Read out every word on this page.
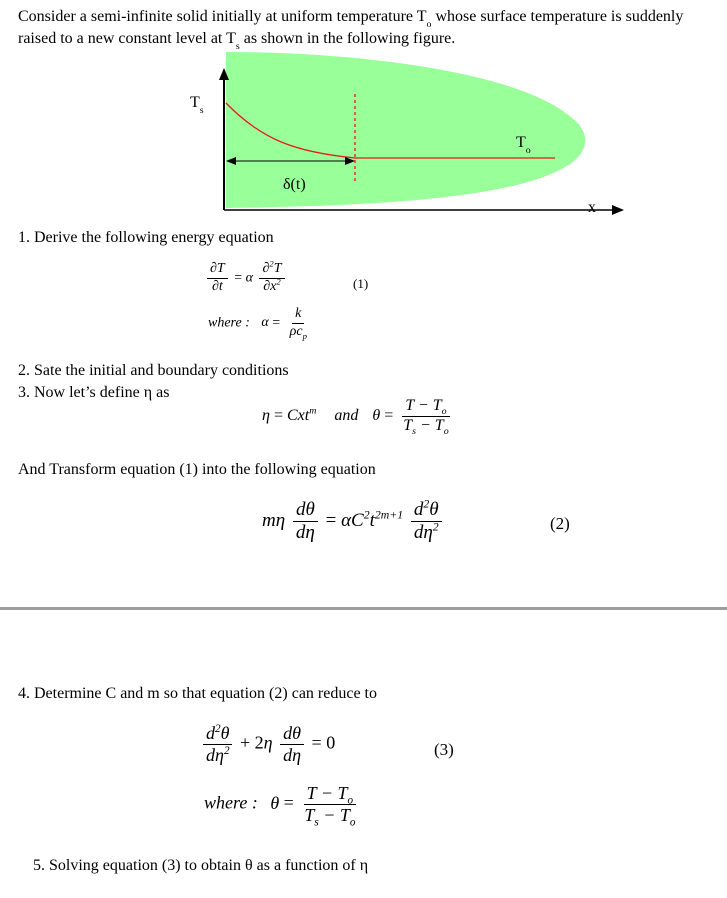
Consider a semi-infinite solid initially at uniform temperature $T_o$ whose surface temperature is suddenly raised to a new constant level at $T_s$ as shown in the following figure.
$T_s$
$T_o$
δ(t)
x
1. Derive the following energy equation
$\frac{\partial T}{\partial t} = \alpha \frac{\partial^2T}{\partial x^2}$	(1)
where : $\alpha = \frac{k}{\rho c_p}$
2. Sate the initial and boundary conditions
3. Now let’s define η as
η = Cxt$^m$ and $\theta = \frac{T - T_o}{T_s - T_o}$
And Transform equation (1) into the following equation
mη $\frac{d\theta}{d\eta} = \alpha C^2t^{2m+1} \frac{d^2\theta}{d\eta^2}$	(2)
4. Determine C and m so that equation (2) can reduce to
$\frac{d^2\theta}{d\eta^2} + 2\eta \frac{d\theta}{d\eta} = 0$	(3)
where : $\theta = \frac{T - T_o}{T_s - T_o}$
5. Solving equation (3) to obtain θ as a function of η
